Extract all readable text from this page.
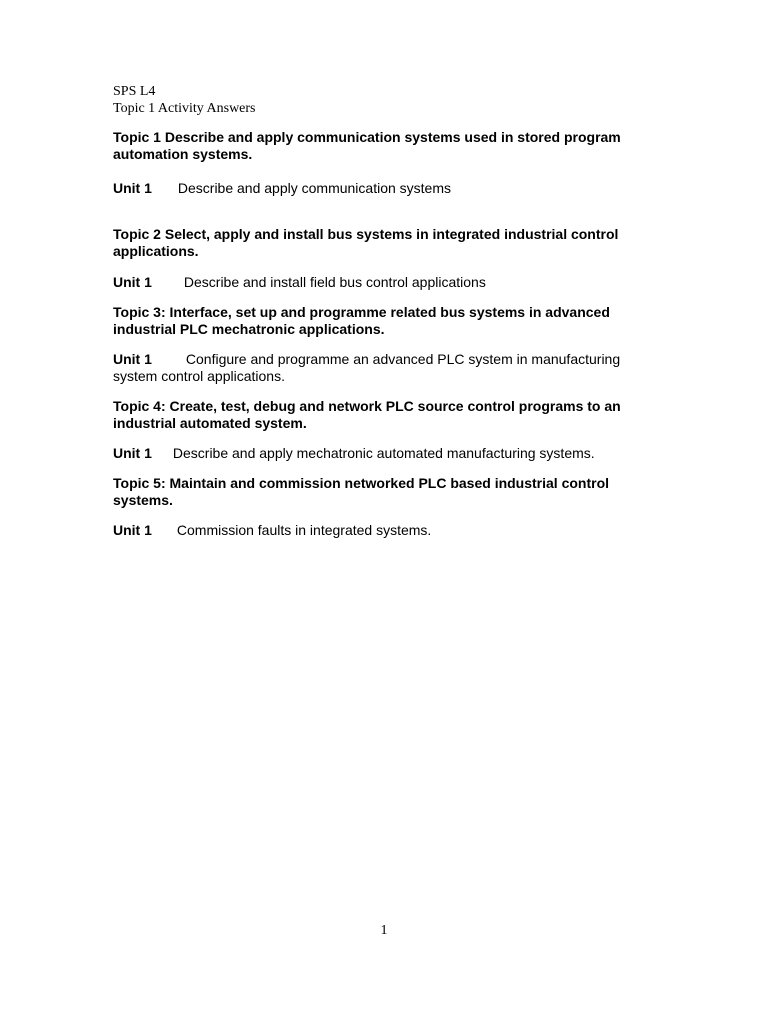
SPS L4
Topic 1 Activity Answers

Topic 1 Describe and apply communication systems used in stored program automation systems.

Unit 1 Describe and apply communication systems

Topic 2 Select, apply and install bus systems in integrated industrial control applications.

Unit 1 Describe and install field bus control applications

Topic 3: Interface, set up and programme related bus systems in advanced industrial PLC mechatronic applications.

Unit 1 Configure and programme an advanced PLC system in manufacturing system control applications.

Topic 4: Create, test, debug and network PLC source control programs to an industrial automated system.

Unit 1 Describe and apply mechatronic automated manufacturing systems.

Topic 5: Maintain and commission networked PLC based industrial control systems.

Unit 1 Commission faults in integrated systems.

1
